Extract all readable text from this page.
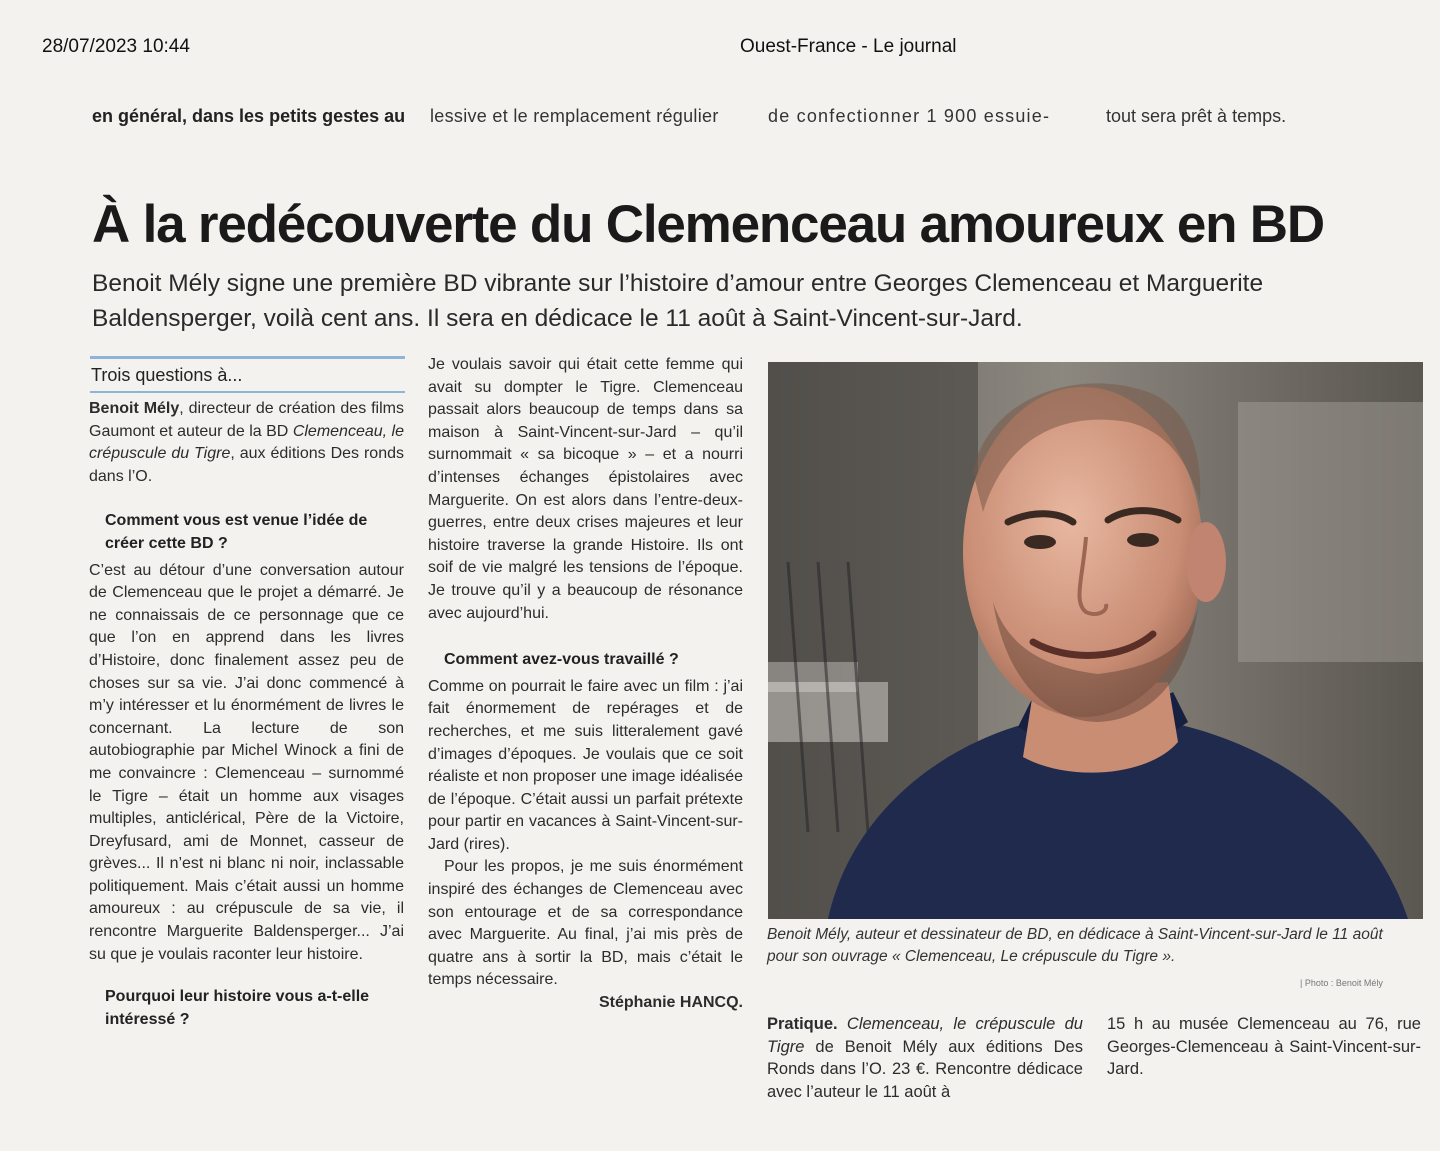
28/07/2023 10:44	Ouest-France - Le journal
en général, dans les petits gestes au lessive et le remplacement régulier	de confectionner 1 900 essuie-	tout sera prêt à temps.
À la redécouverte du Clemenceau amoureux en BD

Benoit Mély signe une première BD vibrante sur l’histoire d’amour entre Georges Clemenceau et Marguerite Baldensperger, voilà cent ans. Il sera en dédicace le 11 août à Saint-Vincent-sur-Jard.

Trois questions à...

Benoit Mély, directeur de création des films Gaumont et auteur de la BD Clemenceau, le crépuscule du Tigre, aux éditions Des ronds dans l’O.

Comment vous est venue l’idée de créer cette BD ?

C’est au détour d’une conversation autour de Clemenceau que le projet a démarré. Je ne connaissais de ce personnage que ce que l’on en apprend dans les livres d’Histoire, donc finalement assez peu de choses sur sa vie. J’ai donc commencé à m’y intéresser et lu énormément de livres le concernant. La lecture de son autobiographie par Michel Winock a fini de me convaincre : Clemenceau – surnommé le Tigre – était un homme aux visages multiples, anticlérical, Père de la Victoire, Dreyfusard, ami de Monnet, casseur de grèves... Il n’est ni blanc ni noir, inclassable politiquement. Mais c’était aussi un homme amoureux : au crépuscule de sa vie, il rencontre Marguerite Baldensperger... J’ai su que je voulais raconter leur histoire.

Pourquoi leur histoire vous a-t-elle intéressé ?

Je voulais savoir qui était cette femme qui avait su dompter le Tigre. Clemenceau passait alors beaucoup de temps dans sa maison à Saint-Vincent-sur-Jard – qu’il surnommait « sa bicoque » – et a nourri d’intenses échanges épistolaires avec Marguerite. On est alors dans l’entre-deux-guerres, entre deux crises majeures et leur histoire traverse la grande Histoire. Ils ont soif de vie malgré les tensions de l’époque. Je trouve qu’il y a beaucoup de résonance avec aujourd’hui.

Comment avez-vous travaillé ?

Comme on pourrait le faire avec un film : j’ai fait énormement de repérages et de recherches, et me suis litteralement gavé d’images d’époques. Je voulais que ce soit réaliste et non proposer une image idéalisée de l’époque. C’était aussi un parfait prétexte pour partir en vacances à Saint-Vincent-sur-Jard (rires).

Pour les propos, je me suis énormément inspiré des échanges de Clemenceau avec son entourage et de sa correspondance avec Marguerite. Au final, j’ai mis près de quatre ans à sortir la BD, mais c’était le temps nécessaire.

Stéphanie HANCQ.

Benoit Mély, auteur et dessinateur de BD, en dédicace à Saint-Vincent-sur-Jard le 11 août pour son ouvrage « Clemenceau, Le crépuscule du Tigre ».
| Photo : Benoit Mély
Pratique. Clemenceau, le crépuscule du Tigre de Benoit Mély aux éditions Des Ronds dans l’O. 23 €. Rencontre dédicace avec l’auteur le 11 août à
15 h au musée Clemenceau au 76, rue Georges-Clemenceau à Saint-Vincent-sur-Jard.
